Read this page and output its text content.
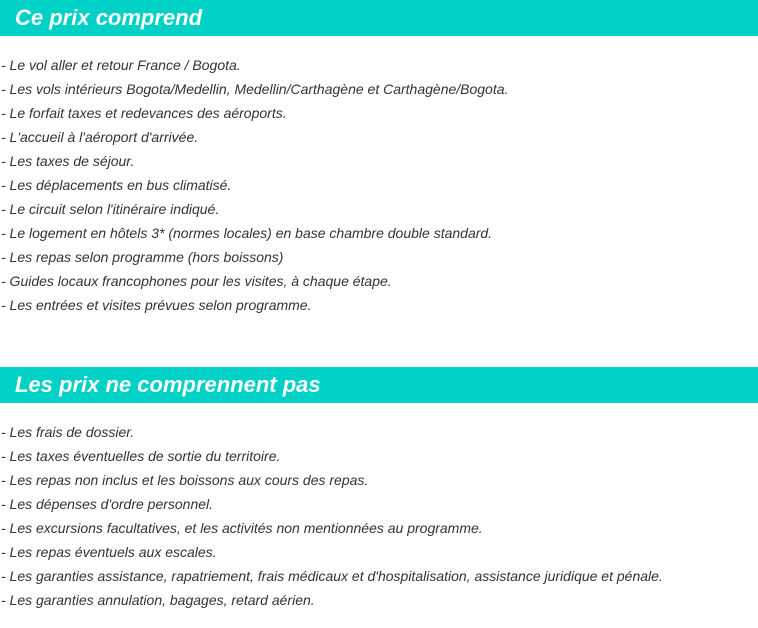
Ce prix comprend
- Le vol aller et retour France / Bogota.
- Les vols intérieurs Bogota/Medellin, Medellin/Carthagène et Carthagène/Bogota.
- Le forfait taxes et redevances des aéroports.
- L'accueil à l'aéroport d'arrivée.
- Les taxes de séjour.
- Les déplacements en bus climatisé.
- Le circuit selon l'itinéraire indiqué.
- Le logement en hôtels 3* (normes locales) en base chambre double standard.
- Les repas selon programme (hors boissons)
- Guides locaux francophones pour les visites, à chaque étape.
- Les entrées et visites prévues selon programme.
Les prix ne comprennent pas
- Les frais de dossier.
- Les taxes éventuelles de sortie du territoire.
- Les repas non inclus et les boissons aux cours des repas.
- Les dépenses d'ordre personnel.
- Les excursions facultatives, et les activités non mentionnées au programme.
- Les repas éventuels aux escales.
- Les garanties assistance, rapatriement, frais médicaux et d'hospitalisation, assistance juridique et pénale.
- Les garanties annulation, bagages, retard aérien.
